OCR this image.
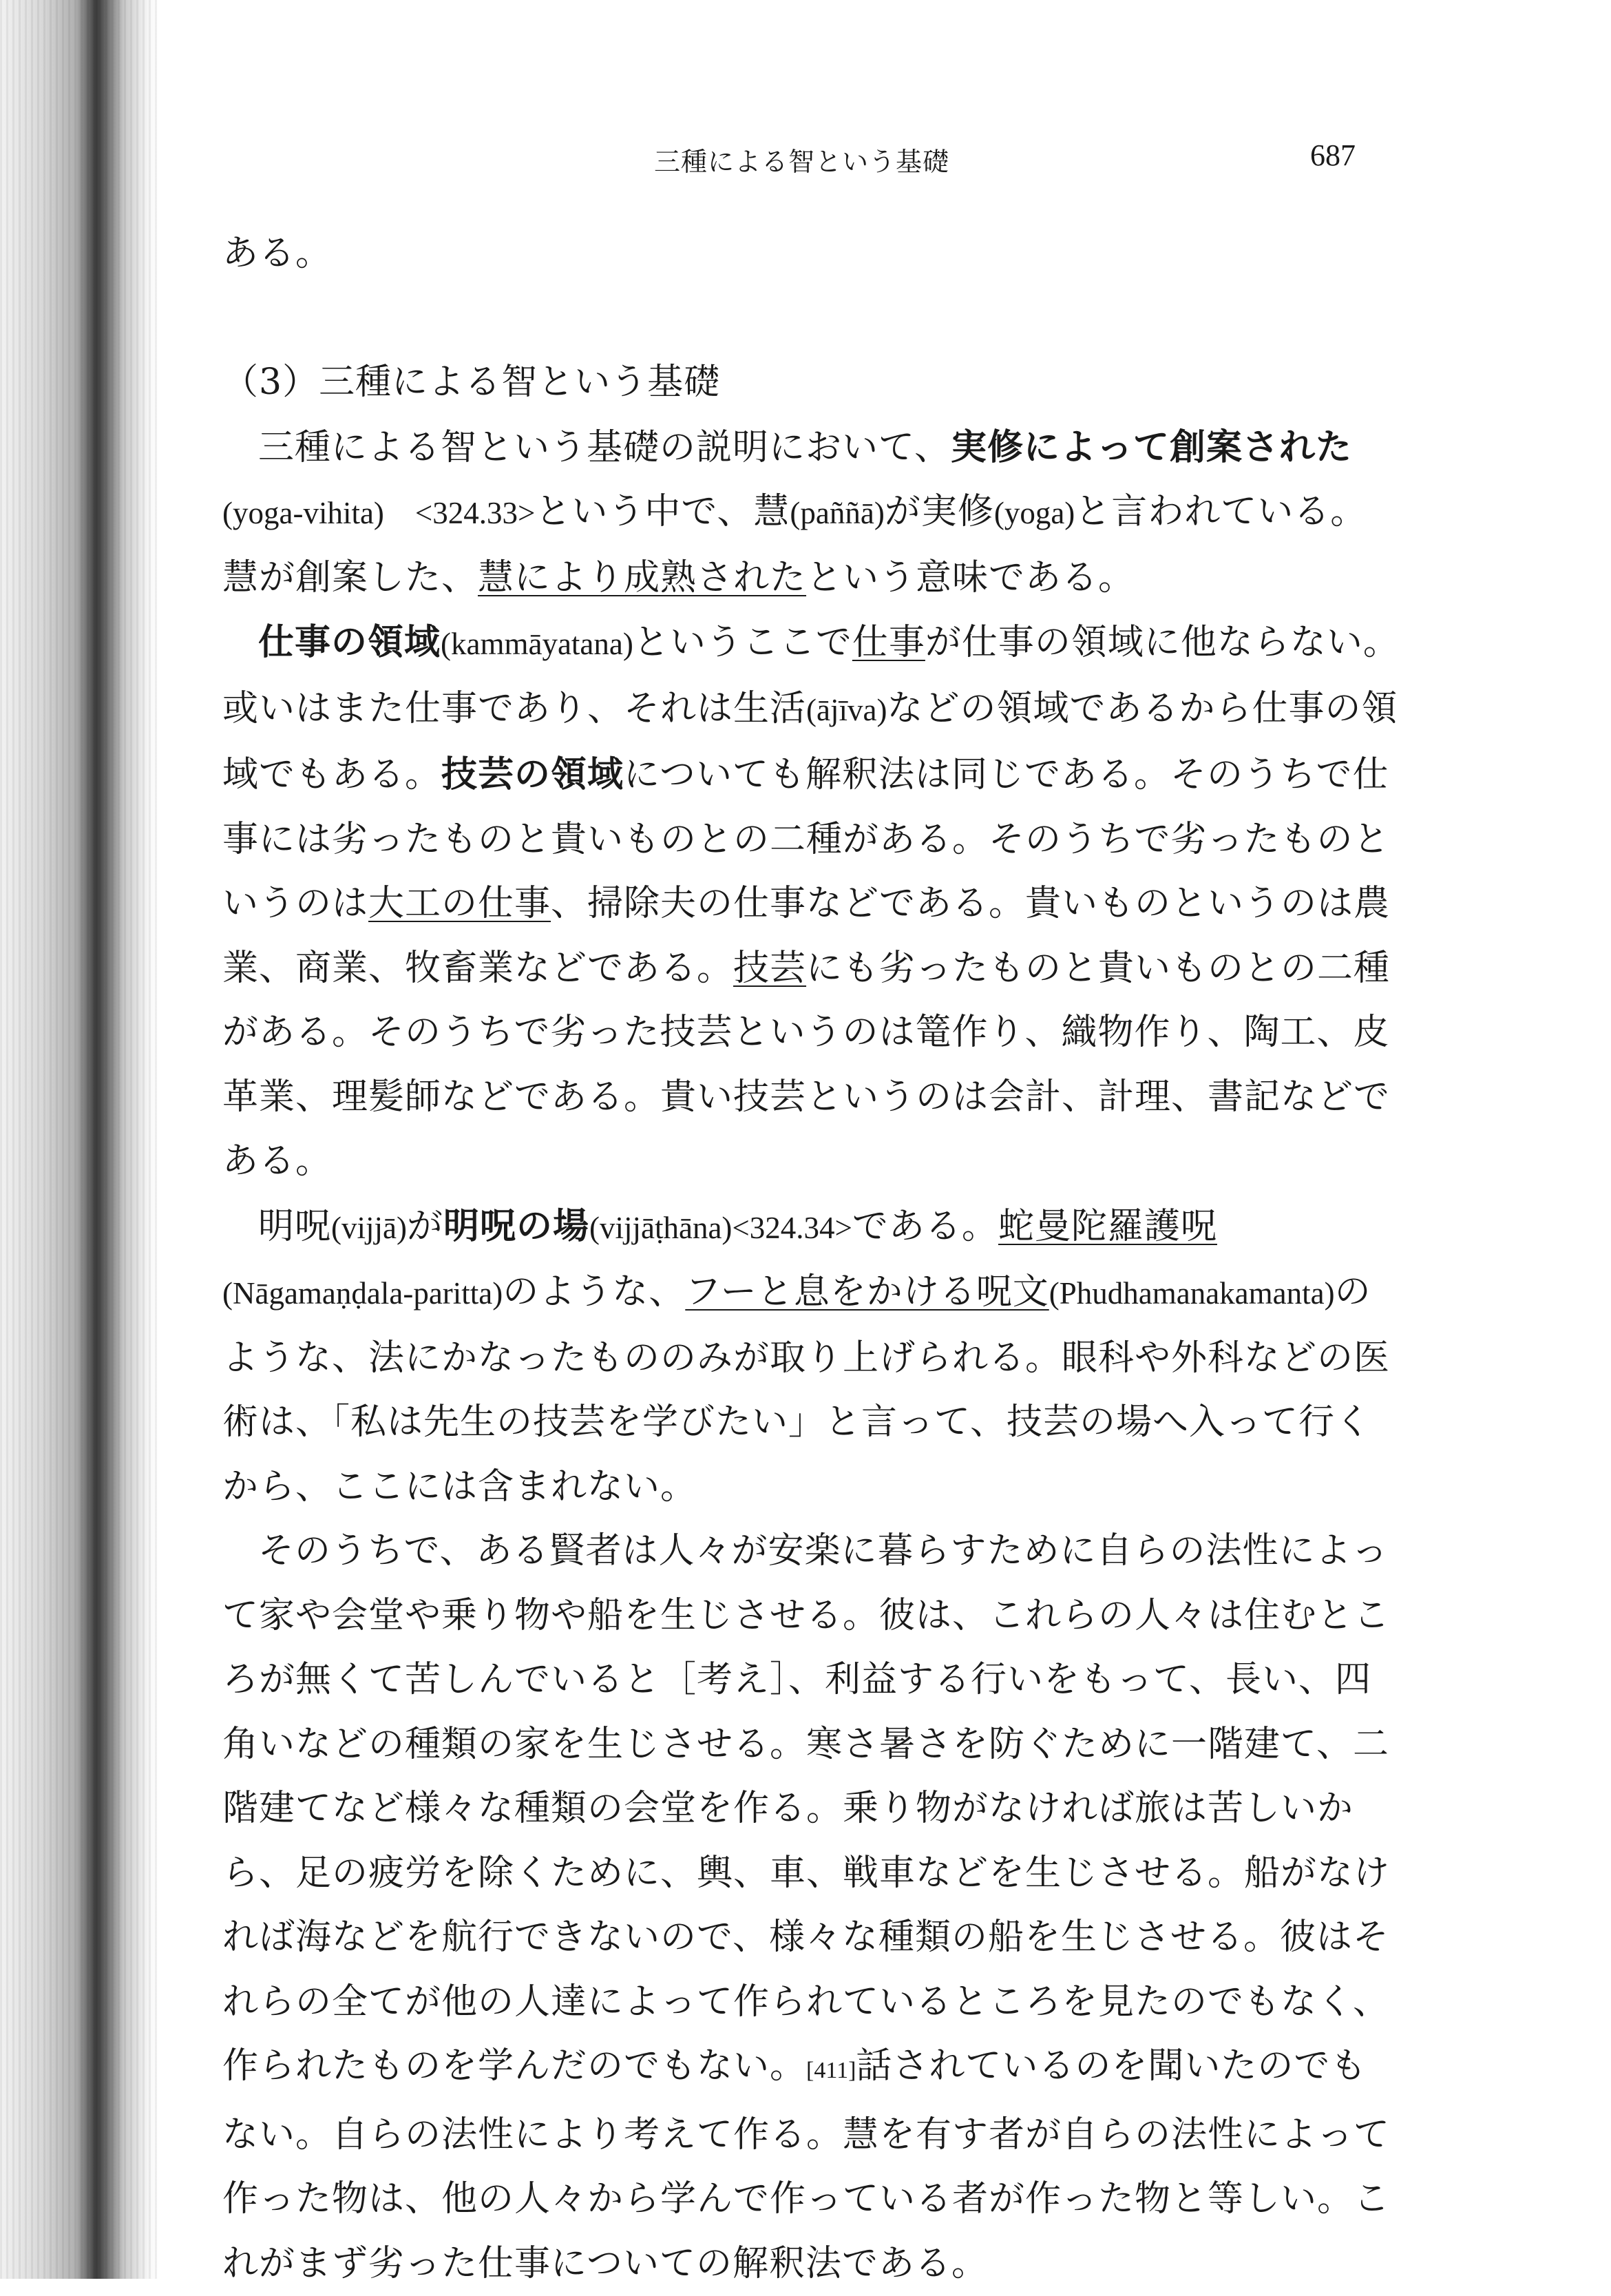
三種による智という基礎	687

ある。

（3）三種による智という基礎

三種による智という基礎の説明において、実修によって創案された(yoga-vihita)　<324.33>という中で、慧(paññā)が実修(yoga)と言われている。慧が創案した、慧により成熟されたという意味である。

仕事の領域(kammāyatana)というここで仕事が仕事の領域に他ならない。或いはまた仕事であり、それは生活(ājīva)などの領域であるから仕事の領域でもある。技芸の領域についても解釈法は同じである。そのうちで仕事には劣ったものと貴いものとの二種がある。そのうちで劣ったものというのは大工の仕事、掃除夫の仕事などである。貴いものというのは農業、商業、牧畜業などである。技芸にも劣ったものと貴いものとの二種がある。そのうちで劣った技芸というのは篭作り、織物作り、陶工、皮革業、理髪師などである。貴い技芸というのは会計、計理、書記などである。

明呪(vijjā)が明呪の場(vijjāṭhāna)<324.34>である。蛇曼陀羅護呪(Nāgamaṇḍala-paritta)のような、フーと息をかける呪文(Phudhamanakamanta)のような、法にかなったもののみが取り上げられる。眼科や外科などの医術は、「私は先生の技芸を学びたい」と言って、技芸の場へ入って行くから、ここには含まれない。

そのうちで、ある賢者は人々が安楽に暮らすために自らの法性によって家や会堂や乗り物や船を生じさせる。彼は、これらの人々は住むところが無くて苦しんでいると［考え］、利益する行いをもって、長い、四角いなどの種類の家を生じさせる。寒さ暑さを防ぐために一階建て、二階建てなど様々な種類の会堂を作る。乗り物がなければ旅は苦しいから、足の疲労を除くために、輿、車、戦車などを生じさせる。船がなければ海などを航行できないので、様々な種類の船を生じさせる。彼はそれらの全てが他の人達によって作られているところを見たのでもなく、作られたものを学んだのでもない。[411]話されているのを聞いたのでもない。自らの法性により考えて作る。慧を有す者が自らの法性によって作った物は、他の人々から学んで作っている者が作った物と等しい。これがまず劣った仕事についての解釈法である。
